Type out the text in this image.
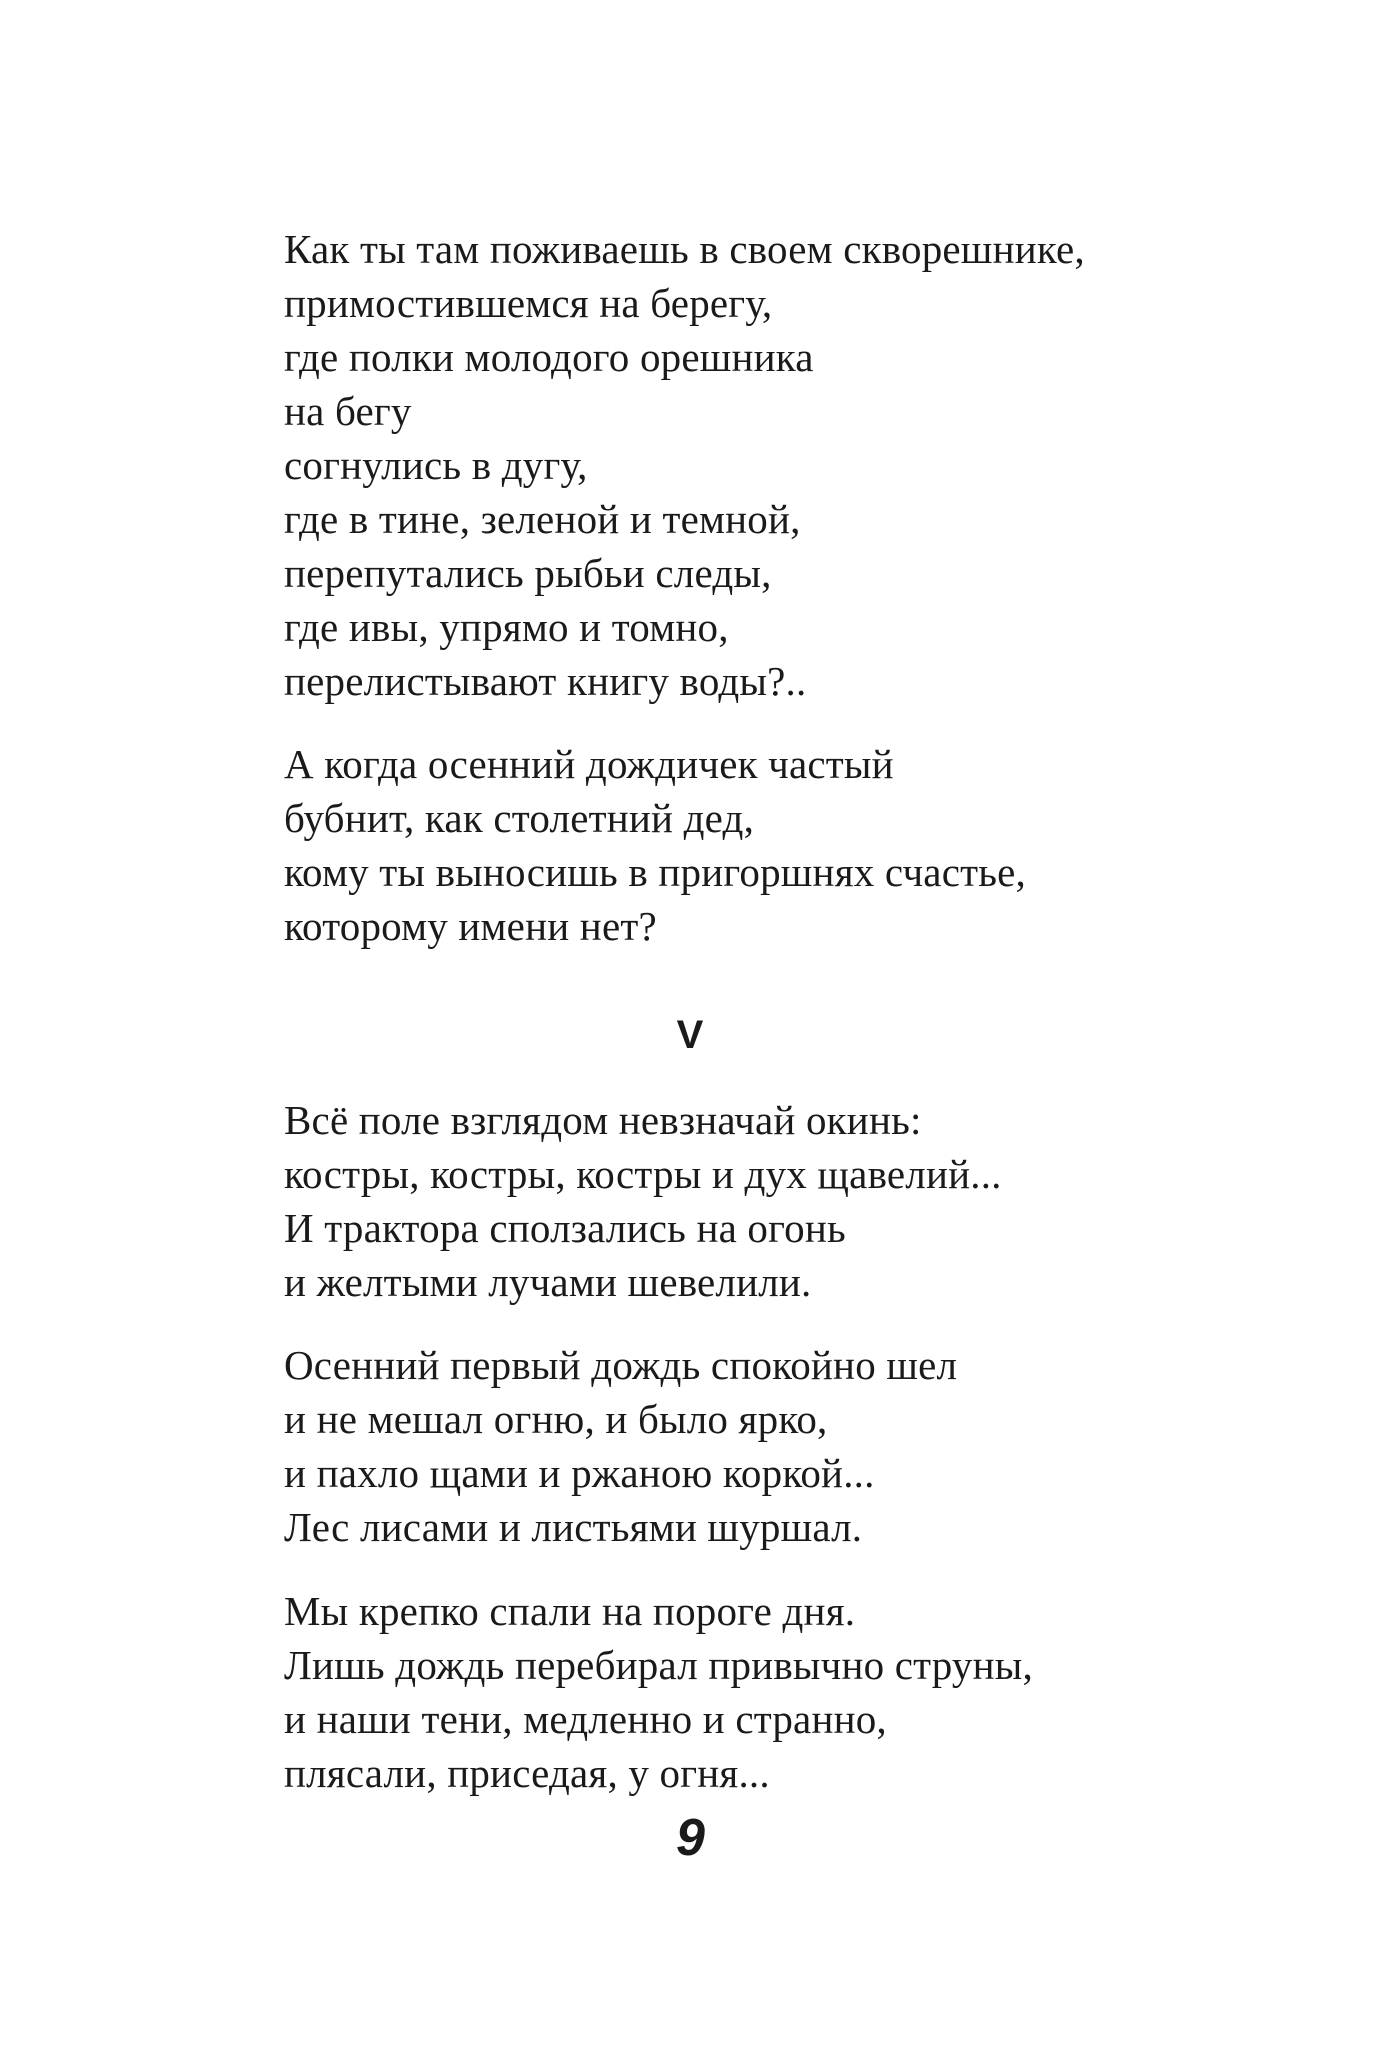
Как ты там поживаешь в своем скворешнике,
примостившемся на берегу,
где полки молодого орешника
на бегу
согнулись в дугу,
где в тине, зеленой и темной,
перепутались рыбьи следы,
где ивы, упрямо и томно,
перелистывают книгу воды?..
А когда осенний дождичек частый
бубнит, как столетний дед,
кому ты выносишь в пригоршнях счастье,
которому имени нет?
V
Всё поле взглядом невзначай окинь:
костры, костры, костры и дух щавелий...
И трактора сползались на огонь
и желтыми лучами шевелили.
Осенний первый дождь спокойно шел
и не мешал огню, и было ярко,
и пахло щами и ржаною коркой...
Лес лисами и листьями шуршал.
Мы крепко спали на пороге дня.
Лишь дождь перебирал привычно струны,
и наши тени, медленно и странно,
плясали, приседая, у огня...
9
